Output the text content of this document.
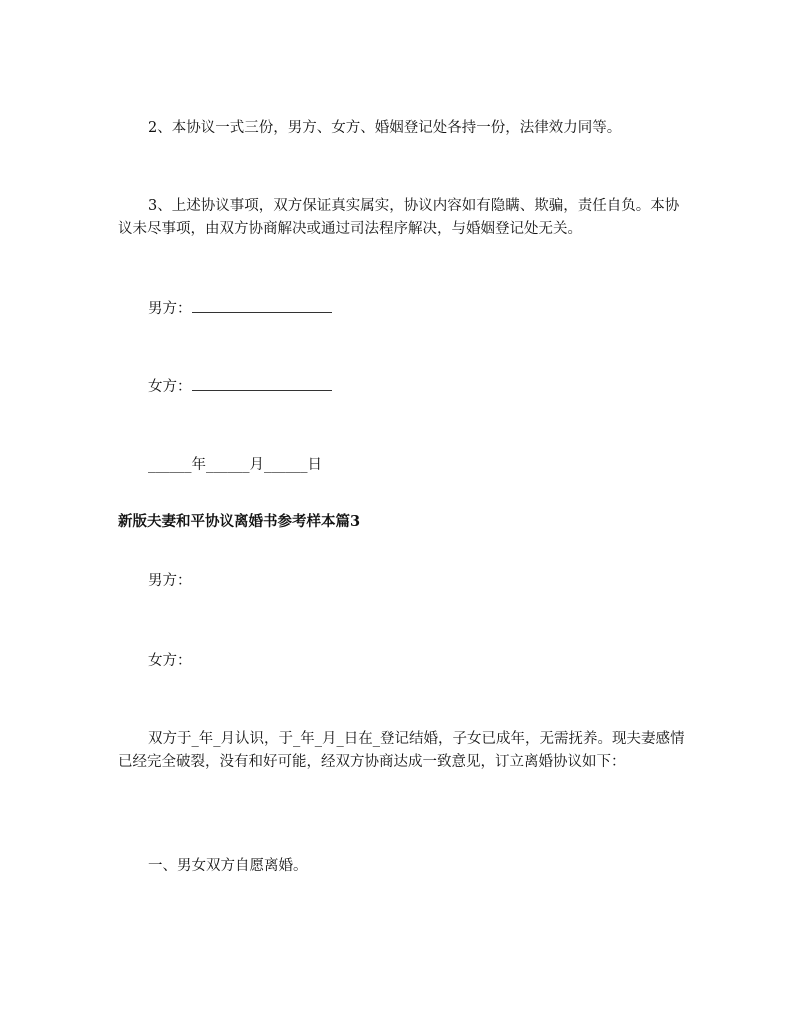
2、本协议一式三份，男方、女方、婚姻登记处各持一份，法律效力同等。
3、上述协议事项，双方保证真实属实，协议内容如有隐瞒、欺骗，责任自负。本协议未尽事项，由双方协商解决或通过司法程序解决，与婚姻登记处无关。
男方：
女方：
______年______月______日
新版夫妻和平协议离婚书参考样本篇3
男方：
女方：
双方于_年_月认识，于_年_月_日在_登记结婚，子女已成年，无需抚养。现夫妻感情已经完全破裂，没有和好可能，经双方协商达成一致意见，订立离婚协议如下：
一、男女双方自愿离婚。
